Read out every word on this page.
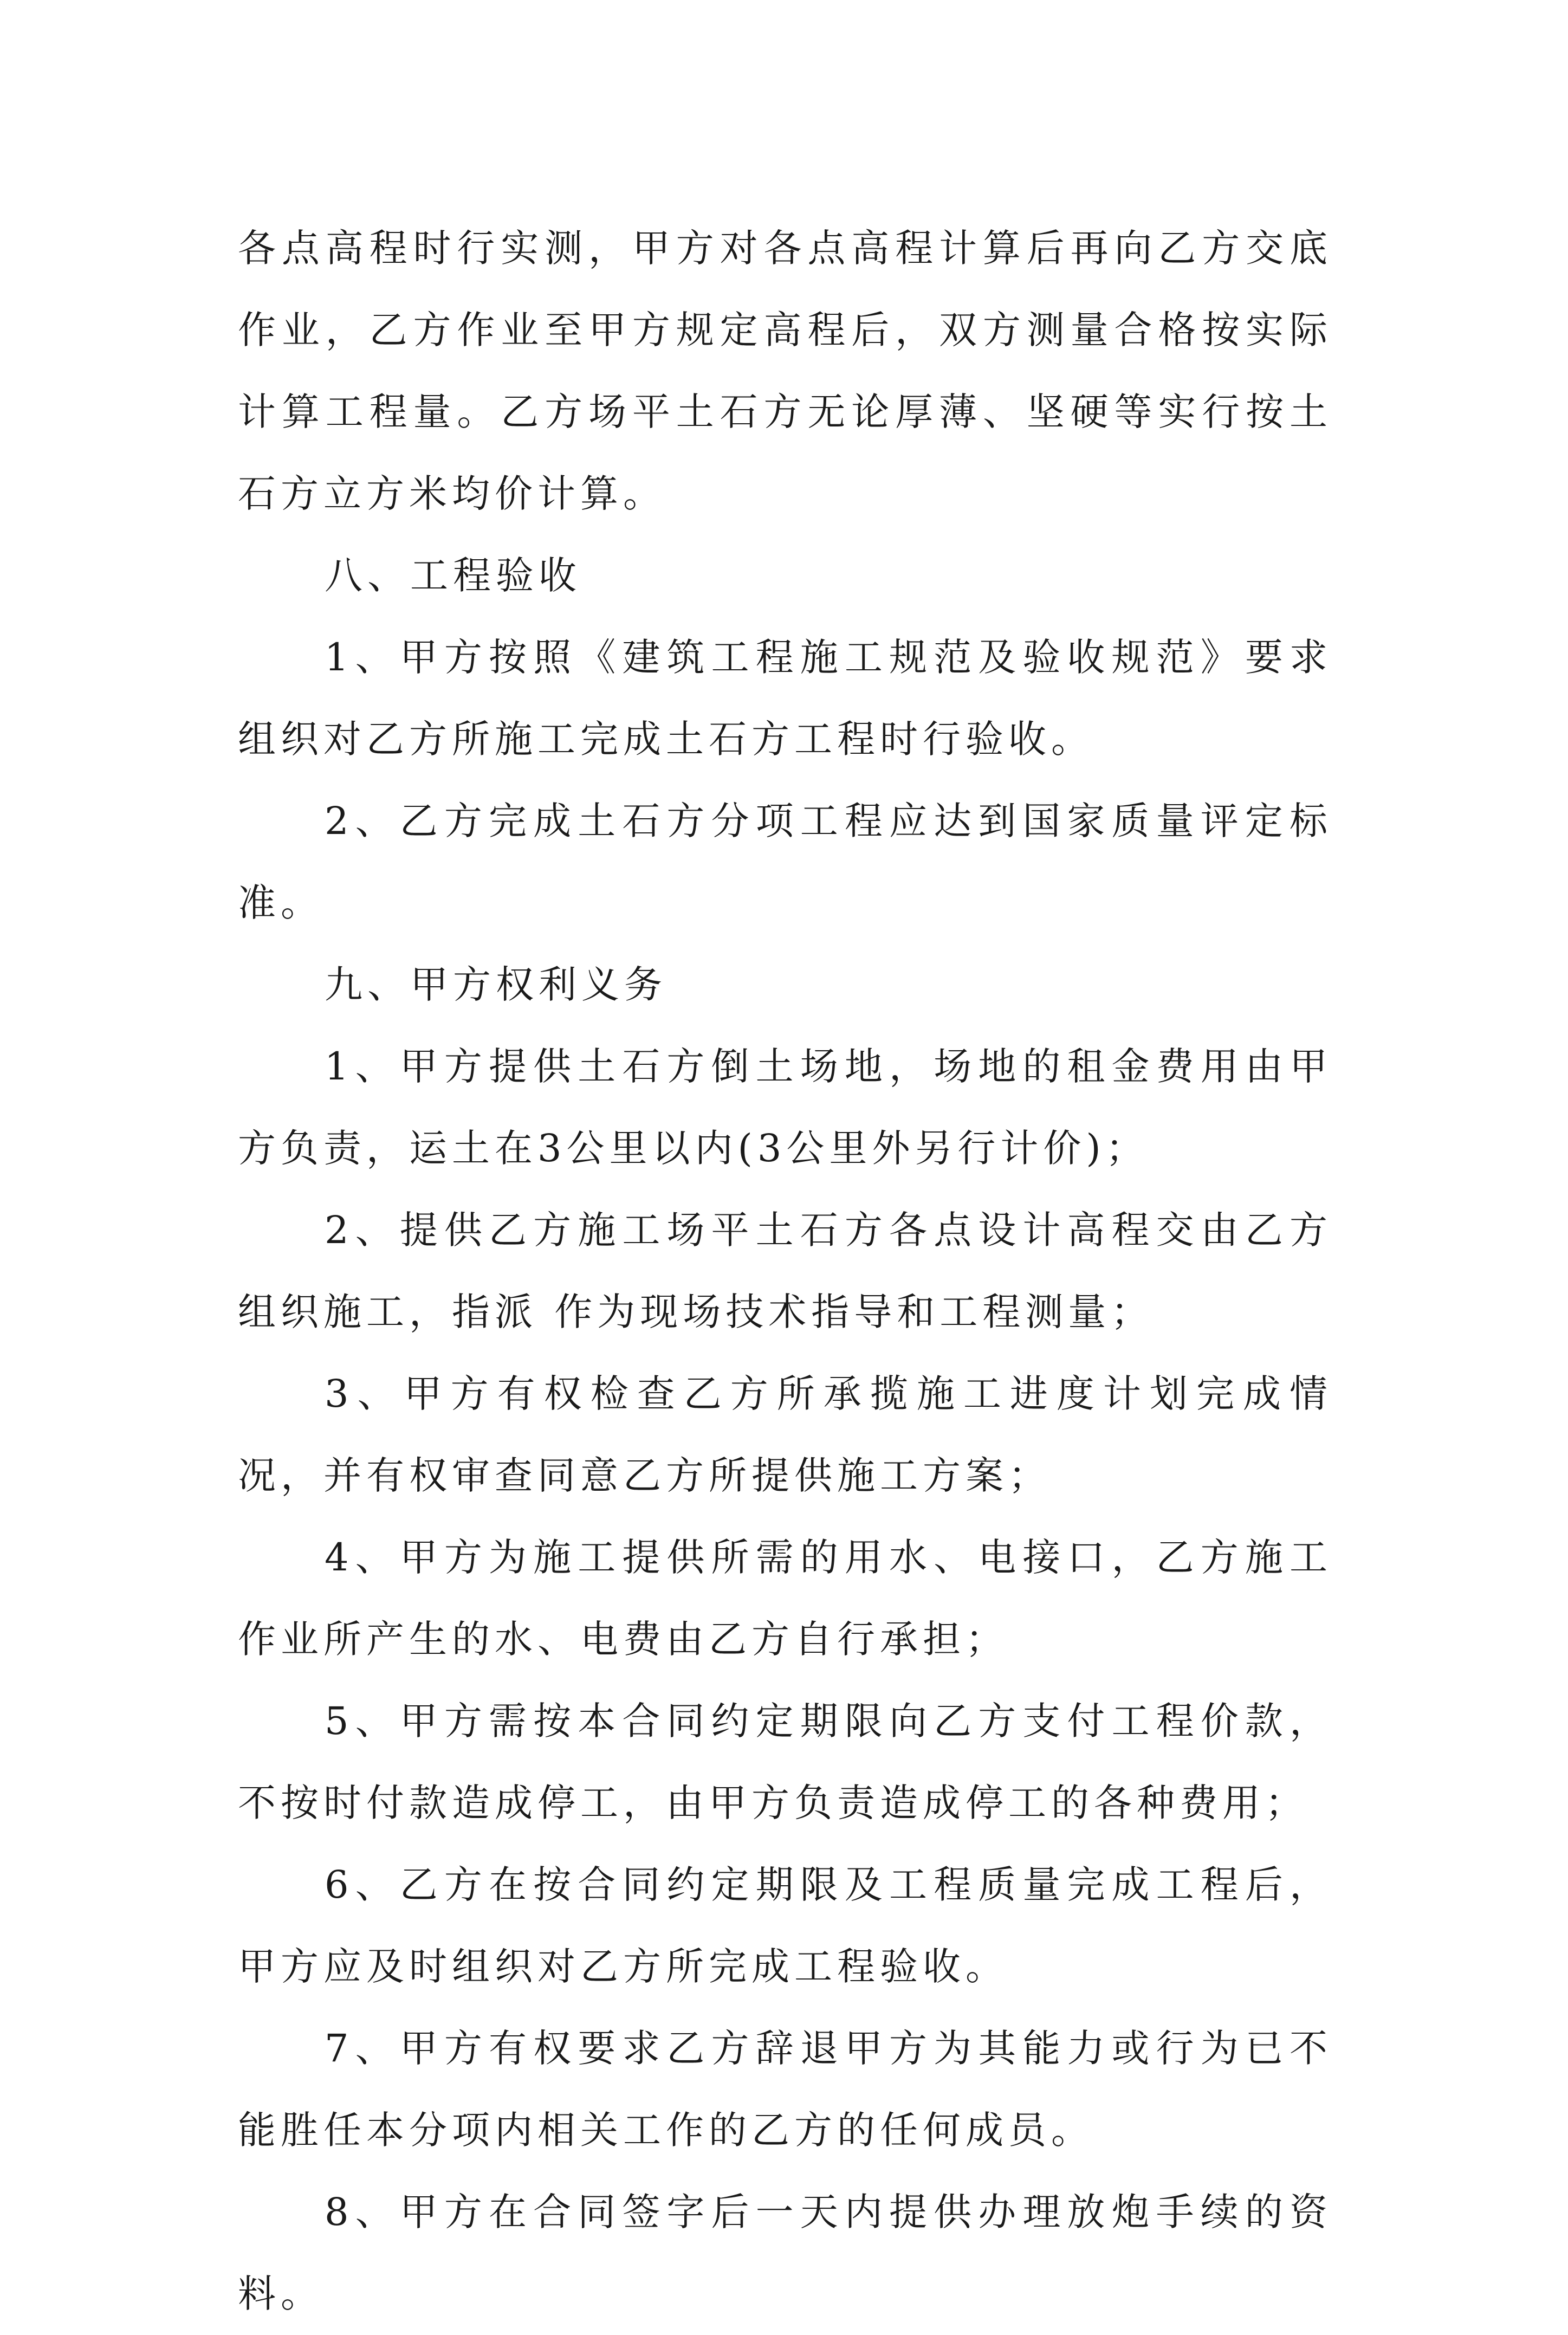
各点高程时行实测，甲方对各点高程计算后再向乙方交底作业，乙方作业至甲方规定高程后，双方测量合格按实际计算工程量。乙方场平土石方无论厚薄、坚硬等实行按土石方立方米均价计算。

八、工程验收

1、甲方按照《建筑工程施工规范及验收规范》要求组织对乙方所施工完成土石方工程时行验收。

2、乙方完成土石方分项工程应达到国家质量评定标准。

九、甲方权利义务

1、甲方提供土石方倒土场地，场地的租金费用由甲方负责，运土在3公里以内(3公里外另行计价)；

2、提供乙方施工场平土石方各点设计高程交由乙方组织施工，指派 作为现场技术指导和工程测量；

3、甲方有权检查乙方所承揽施工进度计划完成情况，并有权审查同意乙方所提供施工方案；

4、甲方为施工提供所需的用水、电接口，乙方施工作业所产生的水、电费由乙方自行承担；

5、甲方需按本合同约定期限向乙方支付工程价款，不按时付款造成停工，由甲方负责造成停工的各种费用；

6、乙方在按合同约定期限及工程质量完成工程后，甲方应及时组织对乙方所完成工程验收。

7、甲方有权要求乙方辞退甲方为其能力或行为已不能胜任本分项内相关工作的乙方的任何成员。

8、甲方在合同签字后一天内提供办理放炮手续的资料。
